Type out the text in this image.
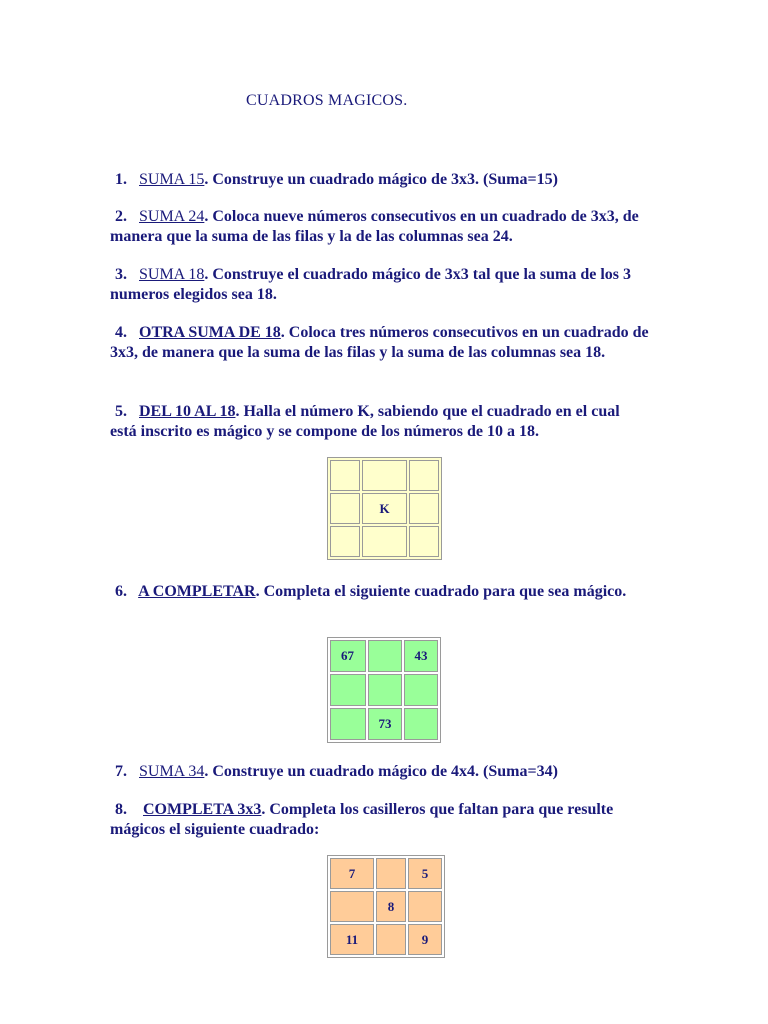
CUADROS MAGICOS.
1. SUMA 15. Construye un cuadrado mágico de 3x3. (Suma=15)
2. SUMA 24. Coloca nueve números consecutivos en un cuadrado de 3x3, de manera que la suma de las filas y la de las columnas sea 24.
3. SUMA 18. Construye el cuadrado mágico de 3x3 tal que la suma de los 3 numeros elegidos sea 18.
4. OTRA SUMA DE 18. Coloca tres números consecutivos en un cuadrado de 3x3, de manera que la suma de las filas y la suma de las columnas sea 18.
5. DEL 10 AL 18. Halla el número K, sabiendo que el cuadrado en el cual está inscrito es mágico y se compone de los números de 10 a 18.

	K	

6. A COMPLETAR. Completa el siguiente cuadrado para que sea mágico.
67		43

	73	
7. SUMA 34. Construye un cuadrado mágico de 4x4. (Suma=34)
8. COMPLETA 3x3. Completa los casilleros que faltan para que resulte mágicos el siguiente cuadrado:
7		5
	8	
11		9
